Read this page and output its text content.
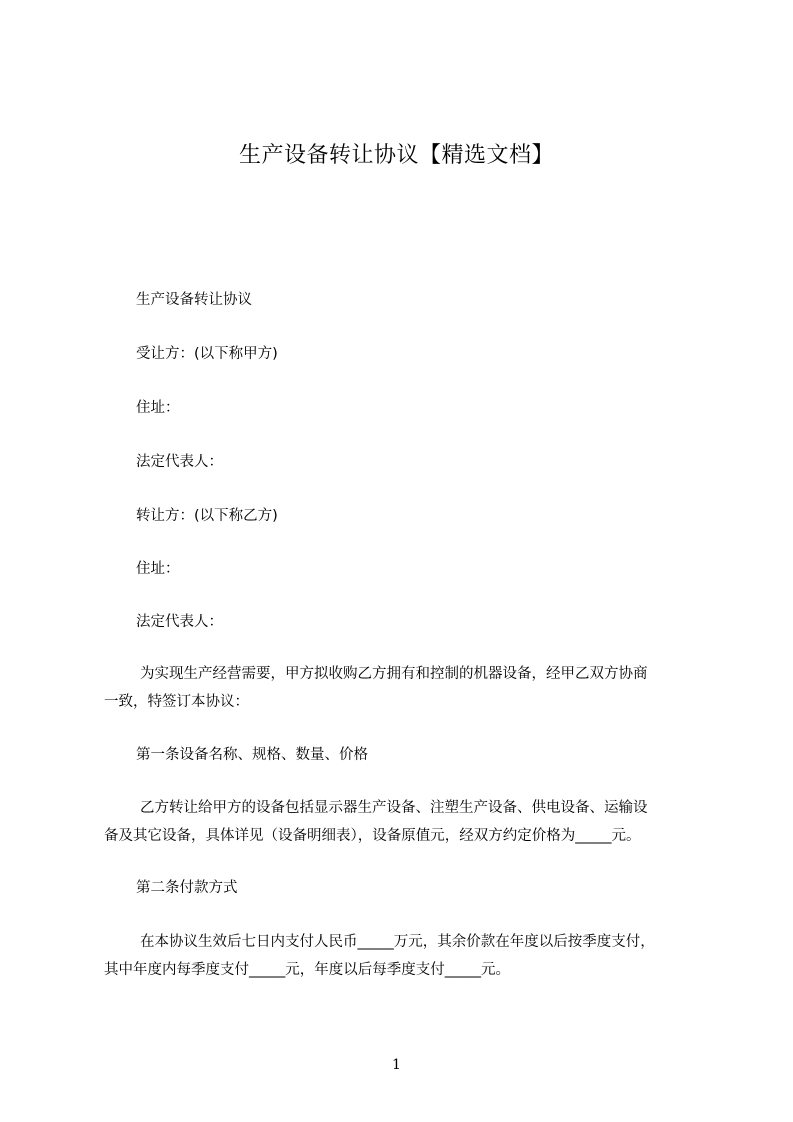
生产设备转让协议【精选文档】
生产设备转让协议
受让方：(以下称甲方)
住址：
法定代表人：
转让方：(以下称乙方)
住址：
法定代表人：
为实现生产经营需要，甲方拟收购乙方拥有和控制的机器设备，经甲乙双方协商
一致，特签订本协议：
第一条设备名称、规格、数量、价格
乙方转让给甲方的设备包括显示器生产设备、注塑生产设备、供电设备、运输设
备及其它设备，具体详见（设备明细表），设备原值元，经双方约定价格为_____元。
第二条付款方式
在本协议生效后七日内支付人民币_____万元，其余价款在年度以后按季度支付，
其中年度内每季度支付_____元，年度以后每季度支付_____元。
1
